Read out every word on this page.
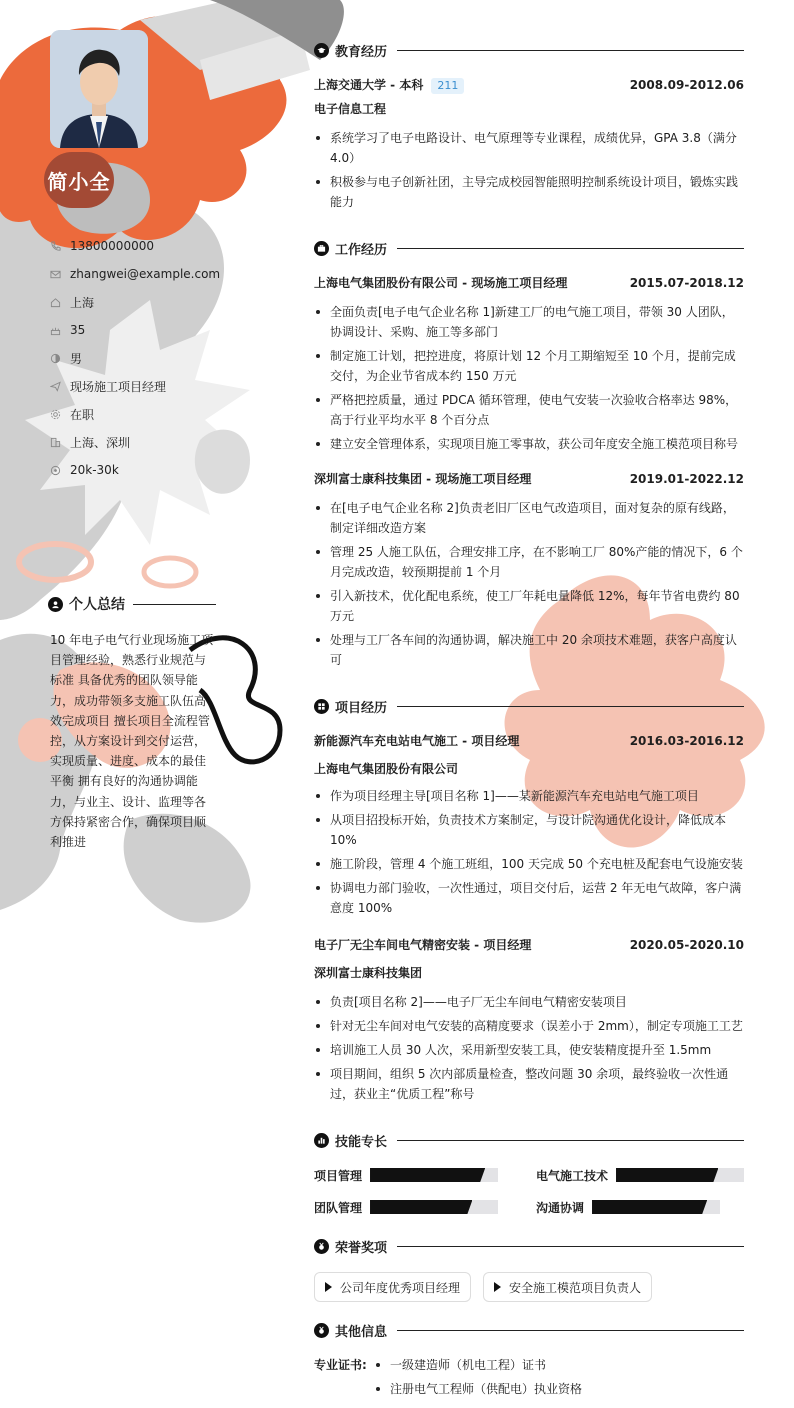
简小全
13800000000
zhangwei@example.com
上海
35
男
现场施工项目经理
在职
上海、深圳
20k-30k
个人总结
10 年电子电气行业现场施工项目管理经验，熟悉行业规范与标准 具备优秀的团队领导能力，成功带领多支施工队伍高效完成项目 擅长项目全流程管控，从方案设计到交付运营，实现质量、进度、成本的最佳平衡 拥有良好的沟通协调能力，与业主、设计、监理等各方保持紧密合作，确保项目顺利推进
教育经历
上海交通大学 - 本科 211	2008.09-2012.06
电子信息工程
系统学习了电子电路设计、电气原理等专业课程，成绩优异，GPA 3.8（满分 4.0）
积极参与电子创新社团，主导完成校园智能照明控制系统设计项目，锻炼实践能力
工作经历
上海电气集团股份有限公司 - 现场施工项目经理	2015.07-2018.12
全面负责[电子电气企业名称 1]新建工厂的电气施工项目，带领 30 人团队，协调设计、采购、施工等多部门
制定施工计划，把控进度，将原计划 12 个月工期缩短至 10 个月，提前完成交付，为企业节省成本约 150 万元
严格把控质量，通过 PDCA 循环管理，使电气安装一次验收合格率达 98%，高于行业平均水平 8 个百分点
建立安全管理体系，实现项目施工零事故，获公司年度安全施工模范项目称号
深圳富士康科技集团 - 现场施工项目经理	2019.01-2022.12
在[电子电气企业名称 2]负责老旧厂区电气改造项目，面对复杂的原有线路，制定详细改造方案
管理 25 人施工队伍，合理安排工序，在不影响工厂 80%产能的情况下，6 个月完成改造，较预期提前 1 个月
引入新技术，优化配电系统，使工厂年耗电量降低 12%，每年节省电费约 80 万元
处理与工厂各车间的沟通协调，解决施工中 20 余项技术难题，获客户高度认可
项目经历
新能源汽车充电站电气施工 - 项目经理	2016.03-2016.12
上海电气集团股份有限公司
作为项目经理主导[项目名称 1]——某新能源汽车充电站电气施工项目
从项目招投标开始，负责技术方案制定，与设计院沟通优化设计，降低成本 10%
施工阶段，管理 4 个施工班组，100 天完成 50 个充电桩及配套电气设施安装
协调电力部门验收，一次性通过，项目交付后，运营 2 年无电气故障，客户满意度 100%
电子厂无尘车间电气精密安装 - 项目经理	2020.05-2020.10
深圳富士康科技集团
负责[项目名称 2]——电子厂无尘车间电气精密安装项目
针对无尘车间对电气安装的高精度要求（误差小于 2mm），制定专项施工工艺
培训施工人员 30 人次，采用新型安装工具，使安装精度提升至 1.5mm
项目期间，组织 5 次内部质量检查，整改问题 30 余项，最终验收一次性通过，获业主“优质工程”称号
技能专长
项目管理	电气施工技术
团队管理	沟通协调
荣誉奖项
公司年度优秀项目经理	安全施工模范项目负责人
其他信息
专业证书:	一级建造师（机电工程）证书
注册电气工程师（供配电）执业资格
